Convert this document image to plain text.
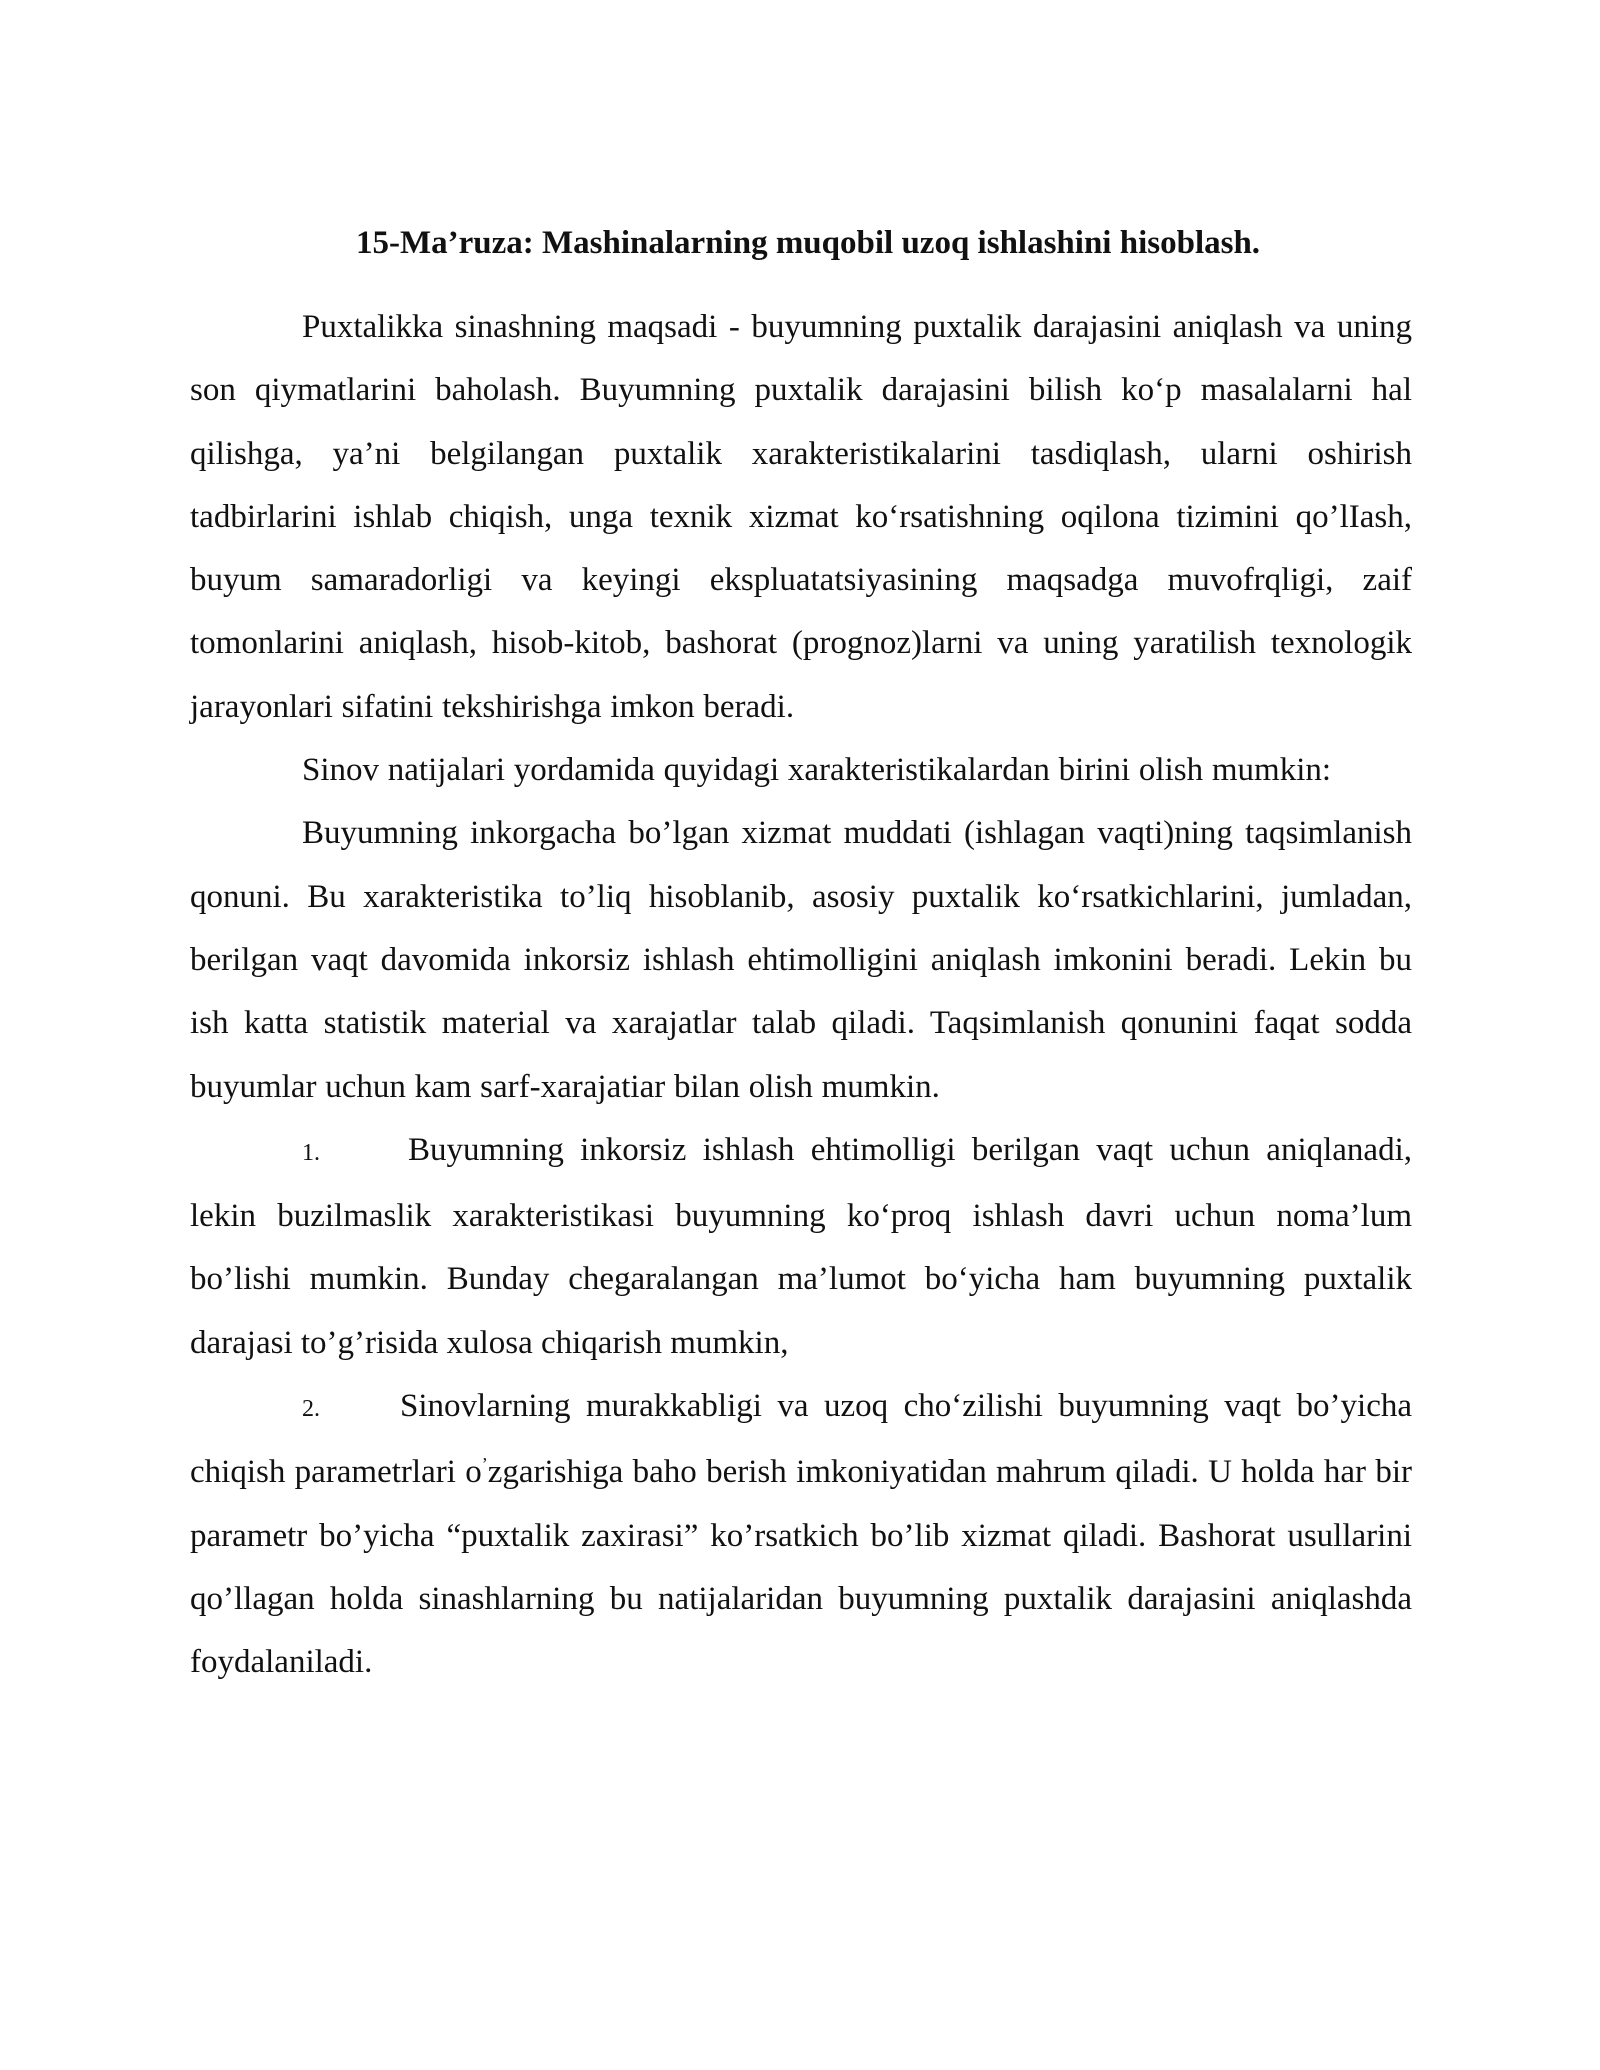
15-Ma’ruza: Mashinalarning muqobil uzoq ishlashini hisoblash.

Puxtalikka sinashning maqsadi - buyumning puxtalik darajasini aniqlash va uning son qiymatlarini baholash. Buyumning puxtalik darajasini bilish ko‘p masalalarni hal qilishga, ya’ni belgilangan puxtalik xarakteristikalarini tasdiqlash, ularni oshirish tadbirlarini ishlab chiqish, unga texnik xizmat ko‘rsatishning oqilona tizimini qo’lIash, buyum samaradorligi va keyingi ekspluatatsiyasining maqsadga muvofrqligi, zaif tomonlarini aniqlash, hisob-kitob, bashorat (prognoz)larni va uning yaratilish texnologik jarayonlari sifatini tekshirishga imkon beradi.

Sinov natijalari yordamida quyidagi xarakteristikalardan birini olish mumkin:

Buyumning inkorgacha bo’lgan xizmat muddati (ishlagan vaqti)ning taqsimlanish qonuni. Bu xarakteristika to’liq hisoblanib, asosiy puxtalik ko‘rsatkichlarini, jumladan, berilgan vaqt davomida inkorsiz ishlash ehtimolligini aniqlash imkonini beradi. Lekin bu ish katta statistik material va xarajatlar talab qiladi. Taqsimlanish qonunini faqat sodda buyumlar uchun kam sarf-xarajatiar bilan olish mumkin.

1.	Buyumning inkorsiz ishlash ehtimolligi berilgan vaqt uchun aniqlanadi, lekin buzilmaslik xarakteristikasi buyumning ko‘proq ishlash davri uchun noma’lum bo’lishi mumkin. Bunday chegaralangan ma’lumot bo‘yicha ham buyumning puxtalik darajasi to’g’risida xulosa chiqarish mumkin,

2. Sinovlarning murakkabligi va uzoq cho‘zilishi buyumning vaqt bo’yicha chiqish parametrlari o’zgarishiga baho berish imkoniyatidan mahrum qiladi. U holda har bir parametr bo’yicha “puxtalik zaxirasi” ko’rsatkich bo’lib xizmat qiladi. Bashorat usullarini qo’llagan holda sinashlarning bu natijalaridan buyumning puxtalik darajasini aniqlashda foydalaniladi.
